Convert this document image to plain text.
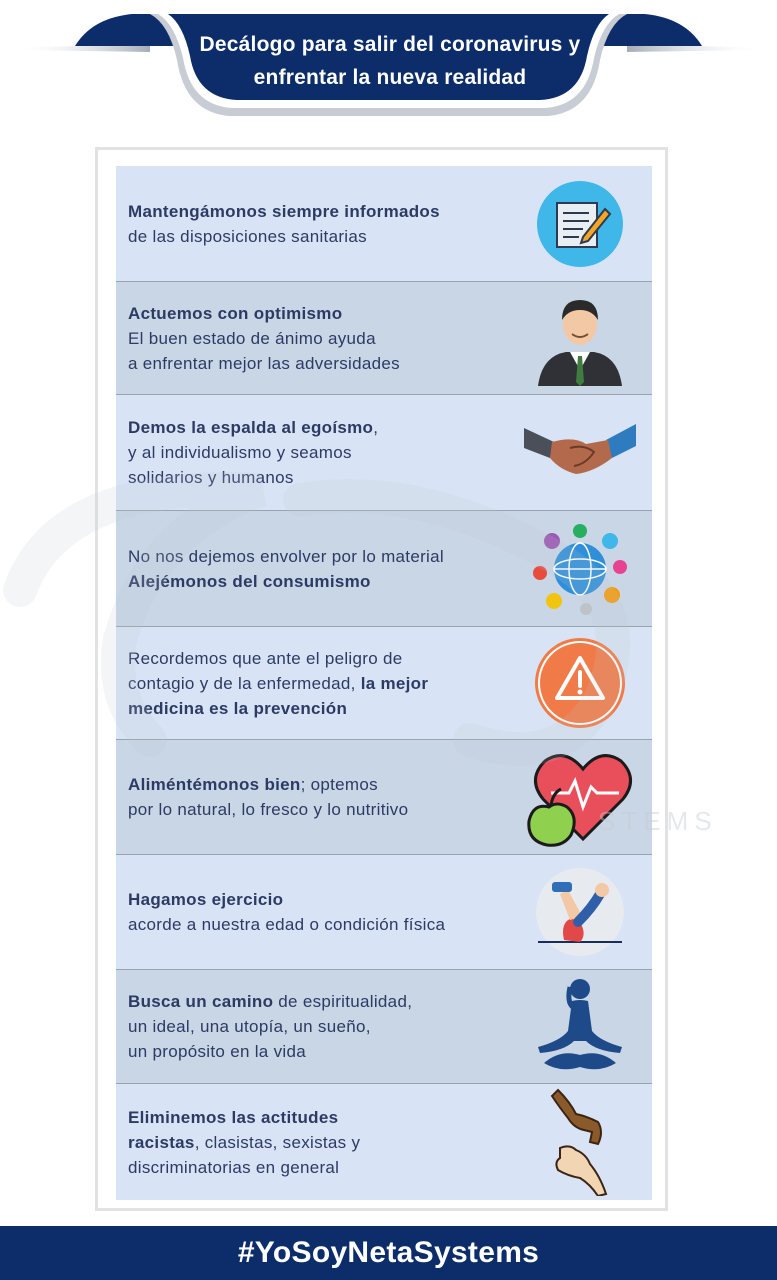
Decálogo para salir del coronavirus y
enfrentar la nueva realidad
Mantengámonos siempre informados
de las disposiciones sanitarias
Actuemos con optimismo
El buen estado de ánimo ayuda
a enfrentar mejor las adversidades
Demos la espalda al egoísmo,
y al individualismo y seamos
solidarios y humanos
No nos dejemos envolver por lo material
Alejémonos del consumismo
Recordemos que ante el peligro de
contagio y de la enfermedad, la mejor
medicina es la prevención
Aliméntémonos bien; optemos
por lo natural, lo fresco y lo nutritivo
Hagamos ejercicio
acorde a nuestra edad o condición física
Busca un camino de espiritualidad,
un ideal, una utopía, un sueño,
un propósito en la vida
Eliminemos las actitudes
racistas, clasistas, sexistas y
discriminatorias en general
STEMS
#YoSoyNetaSystems
